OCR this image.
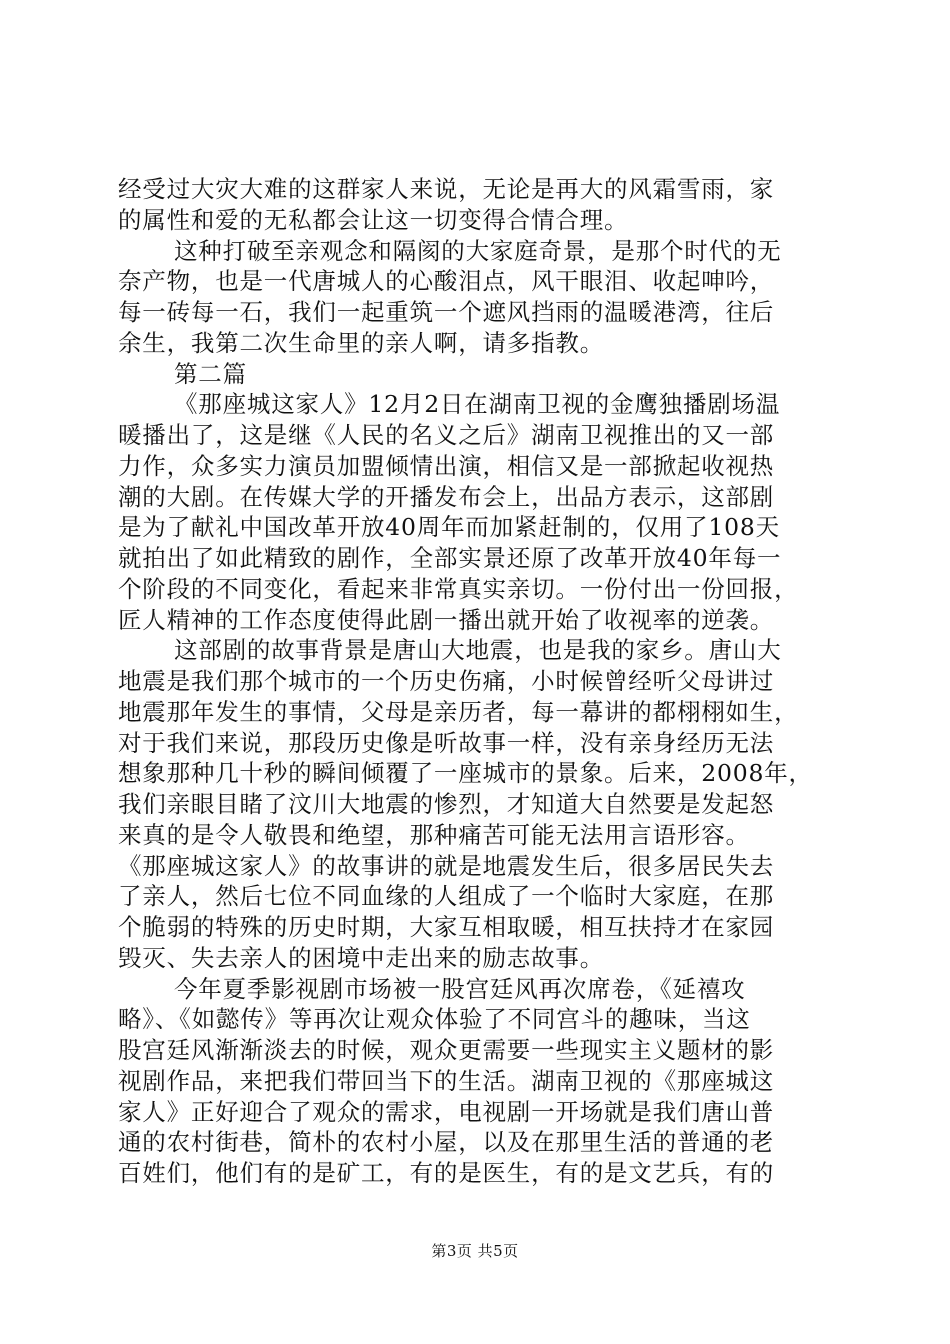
经受过大灾大难的这群家人来说，无论是再大的风霜雪雨，家
的属性和爱的无私都会让这一切变得合情合理。
这种打破至亲观念和隔阂的大家庭奇景，是那个时代的无
奈产物，也是一代唐城人的心酸泪点，风干眼泪、收起呻吟，
每一砖每一石，我们一起重筑一个遮风挡雨的温暖港湾，往后
余生，我第二次生命里的亲人啊，请多指教。
第二篇
《那座城这家人》12月2日在湖南卫视的金鹰独播剧场温
暖播出了，这是继《人民的名义之后》湖南卫视推出的又一部
力作，众多实力演员加盟倾情出演，相信又是一部掀起收视热
潮的大剧。在传媒大学的开播发布会上，出品方表示，这部剧
是为了献礼中国改革开放40周年而加紧赶制的，仅用了108天
就拍出了如此精致的剧作，全部实景还原了改革开放40年每一
个阶段的不同变化，看起来非常真实亲切。一份付出一份回报，
匠人精神的工作态度使得此剧一播出就开始了收视率的逆袭。
这部剧的故事背景是唐山大地震，也是我的家乡。唐山大
地震是我们那个城市的一个历史伤痛，小时候曾经听父母讲过
地震那年发生的事情，父母是亲历者，每一幕讲的都栩栩如生，
对于我们来说，那段历史像是听故事一样，没有亲身经历无法
想象那种几十秒的瞬间倾覆了一座城市的景象。后来，2008年，
我们亲眼目睹了汶川大地震的惨烈，才知道大自然要是发起怒
来真的是令人敬畏和绝望，那种痛苦可能无法用言语形容。
《那座城这家人》的故事讲的就是地震发生后，很多居民失去
了亲人，然后七位不同血缘的人组成了一个临时大家庭，在那
个脆弱的特殊的历史时期，大家互相取暖，相互扶持才在家园
毁灭、失去亲人的困境中走出来的励志故事。
今年夏季影视剧市场被一股宫廷风再次席卷，《延禧攻
略》、《如懿传》等再次让观众体验了不同宫斗的趣味，当这
股宫廷风渐渐淡去的时候，观众更需要一些现实主义题材的影
视剧作品，来把我们带回当下的生活。湖南卫视的《那座城这
家人》正好迎合了观众的需求，电视剧一开场就是我们唐山普
通的农村街巷，简朴的农村小屋，以及在那里生活的普通的老
百姓们，他们有的是矿工，有的是医生，有的是文艺兵，有的
第3页 共5页
